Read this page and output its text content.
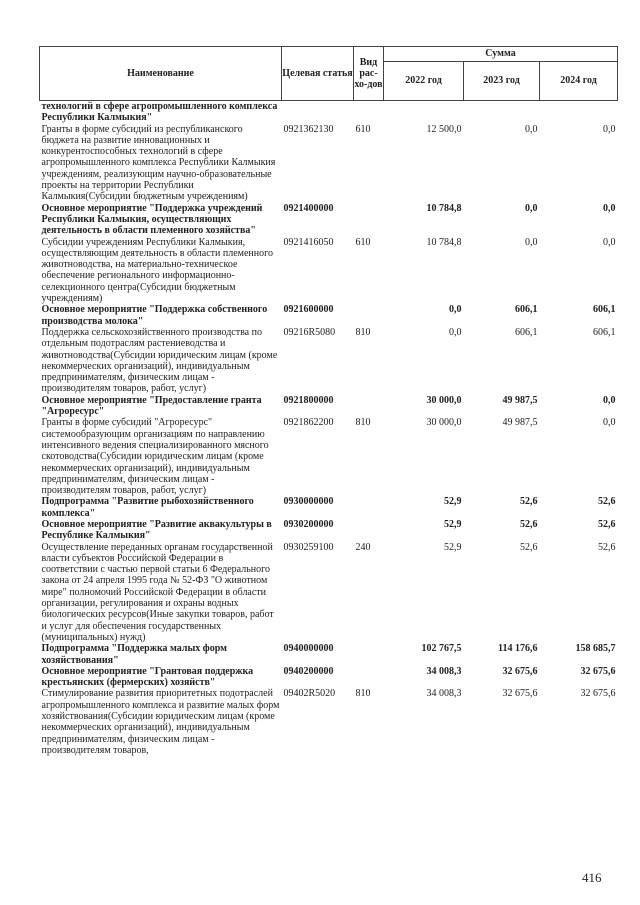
Наименование	Целевая статья	Вид рас-хо-дов	Сумма		
			2022 год	2023 год	2024 год
технологий в сфере агропромышленного комплекса Республики Калмыкия"					
Гранты в форме субсидий из республиканского бюджета на развитие инновационных и конкурентоспособных технологий в сфере агропромышленного комплекса Республики Калмыкия учреждениям, реализующим научно-образовательные проекты на территории Республики Калмыкия(Субсидии бюджетным учреждениям)	0921362130	610	12 500,0	0,0	0,0
Основное мероприятие "Поддержка учреждений Республики Калмыкия, осуществляющих деятельность в области племенного хозяйства"	0921400000		10 784,8	0,0	0,0
Субсидии учреждениям Республики Калмыкия, осуществляющим деятельность в области племенного животноводства, на материально-техническое обеспечение регионального информационно-селекционного центра(Субсидии бюджетным учреждениям)	0921416050	610	10 784,8	0,0	0,0
Основное мероприятие "Поддержка собственного производства молока"	0921600000		0,0	606,1	606,1
Поддержка сельскохозяйственного производства по отдельным подотраслям растениеводства и животноводства(Субсидии юридическим лицам (кроме некоммерческих организаций), индивидуальным предпринимателям, физическим лицам - производителям товаров, работ, услуг)	09216R5080	810	0,0	606,1	606,1
Основное мероприятие "Предоставление гранта "Агроресурс"	0921800000		30 000,0	49 987,5	0,0
Гранты в форме субсидий "Агроресурс" системообразующим организациям по направлению интенсивного ведения специализированного мясного скотоводства(Субсидии юридическим лицам (кроме некоммерческих организаций), индивидуальным предпринимателям, физическим лицам - производителям товаров, работ, услуг)	0921862200	810	30 000,0	49 987,5	0,0
Подпрограмма "Развитие рыбохозяйственного комплекса"	0930000000		52,9	52,6	52,6
Основное мероприятие "Развитие аквакультуры в Республике Калмыкия"	0930200000		52,9	52,6	52,6
Осуществление переданных органам государственной власти субъектов Российской Федерации в соответствии с частью первой статьи 6 Федерального закона от 24 апреля 1995 года № 52-ФЗ "О животном мире" полномочий Российской Федерации в области организации, регулирования и охраны водных биологических ресурсов(Иные закупки товаров, работ и услуг для обеспечения государственных (муниципальных) нужд)	0930259100	240	52,9	52,6	52,6
Подпрограмма "Поддержка малых форм хозяйствования"	0940000000		102 767,5	114 176,6	158 685,7
Основное мероприятие "Грантовая поддержка крестьянских (фермерских) хозяйств"	0940200000		34 008,3	32 675,6	32 675,6
Стимулирование развития приоритетных подотраслей агропромышленного комплекса и развитие малых форм хозяйствования(Субсидии юридическим лицам (кроме некоммерческих организаций), индивидуальным предпринимателям, физическим лицам - производителям товаров,	09402R5020	810	34 008,3	32 675,6	32 675,6
416
